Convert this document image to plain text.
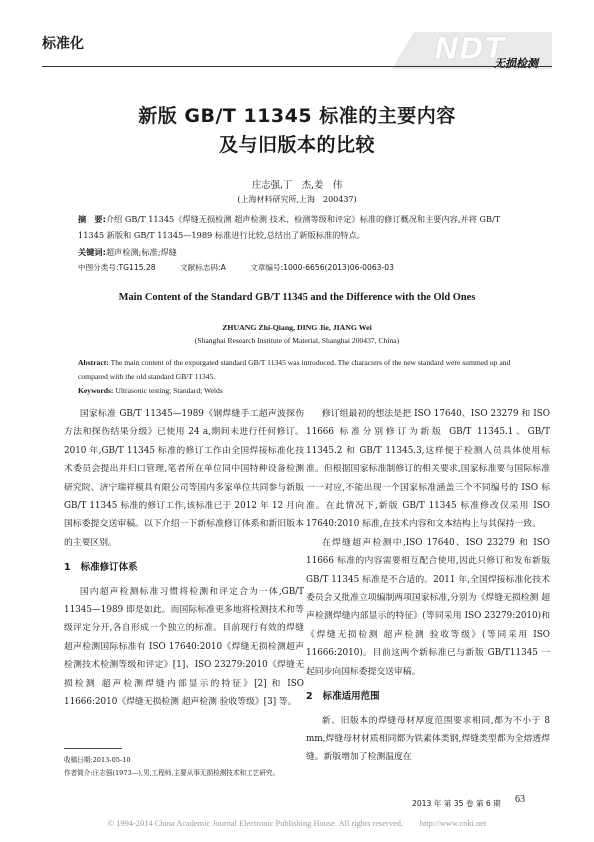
标准化	NDT
无损检测
新版 GB/T 11345 标准的主要内容
及与旧版本的比较
庄志强,丁　杰,姜　伟
(上海材料研究所,上海　200437)
摘　要:介绍 GB/T 11345《焊缝无损检测 超声检测 技术、检测等级和评定》标准的修订概况和主要内容,并将 GB/T 11345 新版和 GB/T 11345—1989 标准进行比较,总结出了新版标准的特点。
关键词:超声检测;标准;焊缝
中图分类号:TG115.28	文献标志码:A	文章编号:1000-6656(2013)06-0063-03
Main Content of the Standard GB/T 11345 and the Difference with the Old Ones
ZHUANG Zhi-Qiang, DING Jie, JIANG Wei
(Shanghai Research Institute of Material, Shanghai 200437, China)
Abstract: The main content of the expurgated standard GB/T 11345 was introduced. The characters of the new standard were summed up and compared with the old standard GB/T 11345.
Keywords: Ultrasonic testing; Standard; Welds

国家标准 GB/T 11345—1989《钢焊缝手工超声波探伤方法和探伤结果分级》已使用 24 a,期间未进行任何修订。2010 年,GB/T 11345 标准的修订工作由全国焊接标准化技术委员会提出并归口管理,笔者所在单位同中国特种设备检测研究院、济宁瑞祥模具有限公司等国内多家单位共同参与新版 GB/T 11345 标准的修订工作,该标准已于 2012 年 12 月向国标委提交送审稿。以下介绍一下新标准修订体系和新旧版本的主要区别。

1 标准修订体系

国内超声检测标准习惯将检测和评定合为一体,GB/T 11345—1989 即是如此。而国际标准更多地将检测技术和等级评定分开,各自形成一个独立的标准。目前现行有效的焊缝超声检测国际标准有 ISO 17640:2010《焊缝无损检测超声检测技术检测等级和评定》[1]、ISO 23279:2010《焊缝无损检测 超声检测焊缝内部显示的特征》[2] 和 ISO 11666:2010《焊缝无损检测 超声检测 验收等级》[3] 等。

修订组最初的想法是把 ISO 17640、ISO 23279 和 ISO 11666 标准分别修订为新版 GB/T 11345.1、GB/T 11345.2 和 GB/T 11345.3,这样便于检测人员具体使用标准。但根据国家标准制修订的相关要求,国家标准要与国际标准一一对应,不能出现一个国家标准涵盖三个不同编号的 ISO 标准。在此情况下,新版 GB/T 11345 标准修改仅采用 ISO 17640:2010 标准,在技术内容和文本结构上与其保持一致。

在焊缝超声检测中,ISO 17640、ISO 23279 和 ISO 11666 标准的内容需要相互配合使用,因此只修订和发布新版 GB/T 11345 标准是不合适的。2011 年,全国焊接标准化技术委员会又批准立项编制两项国家标准,分别为《焊缝无损检测 超声检测焊缝内部显示的特征》(等同采用 ISO 23279:2010)和《焊缝无损检测 超声检测 验收等级》(等同采用 ISO 11666:2010)。目前这两个新标准已与新版 GB/T11345 一起同步向国标委提交送审稿。

2 标准适用范围

新、旧版本的焊缝母材厚度范围要求相同,都为不小于 8 mm,焊缝母材材质相同都为铁素体类钢,焊缝类型都为全熔透焊缝。新版增加了检测温度在

收稿日期:2013-05-10
作者简介:庄志强(1973—),男,工程师,主要从事无损检测技术和工艺研究。
2013 年 第 35 卷 第 6 期 63
© 1994-2014 China Academic Journal Electronic Publishing House. All rights reserved.　　http://www.cnki.net
